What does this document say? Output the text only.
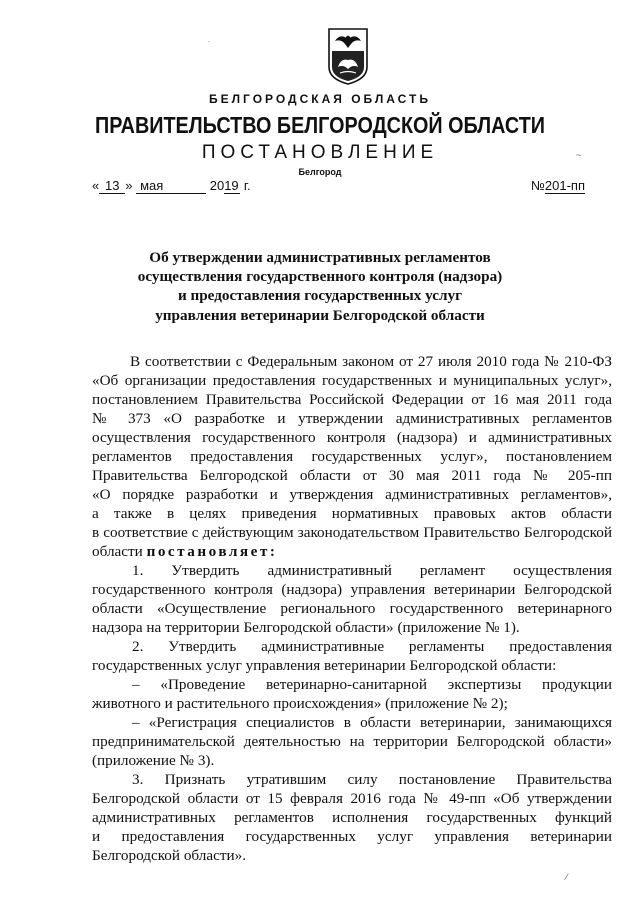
БЕЛГОРОДСКАЯ ОБЛАСТЬ
ПРАВИТЕЛЬСТВО БЕЛГОРОДСКОЙ ОБЛАСТИ
ПОСТАНОВЛЕНИЕ
Белгород
« 13 » мая	2019 г.	№201-пп
Об утверждении административных регламентов
осуществления государственного контроля (надзора)
и предоставления государственных услуг
управления ветеринарии Белгородской области

В соответствии с Федеральным законом от 27 июля 2010 года № 210-ФЗ

«Об организации предоставления государственных и муниципальных услуг»,

постановлением Правительства Российской Федерации от 16 мая 2011 года

№ 373 «О разработке и утверждении административных регламентов

осуществления государственного контроля (надзора) и административных

регламентов предоставления государственных услуг», постановлением

Правительства Белгородской области от 30 мая 2011 года № 205-пп

«О порядке разработки и утверждения административных регламентов»,

а также в целях приведения нормативных правовых актов области

в соответствие с действующим законодательством Правительство Белгородской

области постановляет:

1. Утвердить административный регламент осуществления

государственного контроля (надзора) управления ветеринарии Белгородской

области «Осуществление регионального государственного ветеринарного

надзора на территории Белгородской области» (приложение № 1).

2. Утвердить административные регламенты предоставления

государственных услуг управления ветеринарии Белгородской области:

– «Проведение ветеринарно-санитарной экспертизы продукции

животного и растительного происхождения» (приложение № 2);

– «Регистрация специалистов в области ветеринарии, занимающихся

предпринимательской деятельностью на территории Белгородской области»

(приложение № 3).

3. Признать утратившим силу постановление Правительства

Белгородской области от 15 февраля 2016 года № 49-пп «Об утверждении

административных регламентов исполнения государственных функций

и предоставления государственных услуг управления ветеринарии

Белгородской области».

˙
~
⁄
